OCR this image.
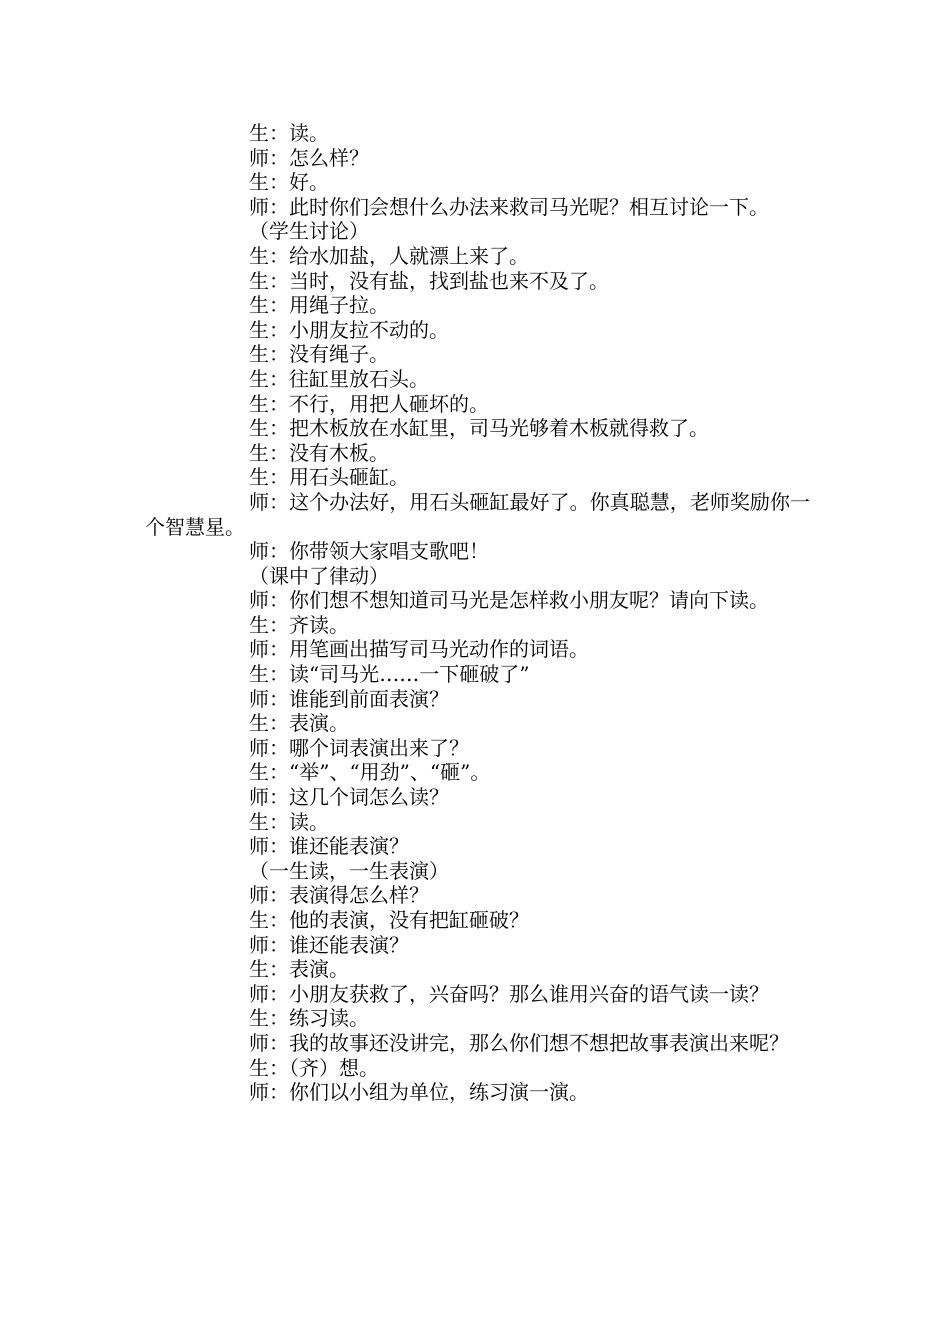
生：读。

师：怎么样？

生：好。

师：此时你们会想什么办法来救司马光呢？相互讨论一下。

（学生讨论）

生：给水加盐，人就漂上来了。

生：当时，没有盐，找到盐也来不及了。

生：用绳子拉。

生：小朋友拉不动的。

生：没有绳子。

生：往缸里放石头。

生：不行，用把人砸坏的。

生：把木板放在水缸里，司马光够着木板就得救了。

生：没有木板。

生：用石头砸缸。

师：这个办法好，用石头砸缸最好了。你真聪慧，老师奖励你一个智慧星。

师：你带领大家唱支歌吧！

（课中了律动）

师：你们想不想知道司马光是怎样救小朋友呢？请向下读。

生：齐读。

师：用笔画出描写司马光动作的词语。

生：读“司马光……一下砸破了”

师：谁能到前面表演？

生：表演。

师：哪个词表演出来了？

生：“举”、“用劲”、“砸”。

师：这几个词怎么读？

生：读。

师：谁还能表演？

（一生读，一生表演）

师：表演得怎么样？

生：他的表演，没有把缸砸破？

师：谁还能表演？

生：表演。

师：小朋友获救了，兴奋吗？那么谁用兴奋的语气读一读？

生：练习读。

师：我的故事还没讲完，那么你们想不想把故事表演出来呢？

生：（齐）想。

师：你们以小组为单位，练习演一演。
